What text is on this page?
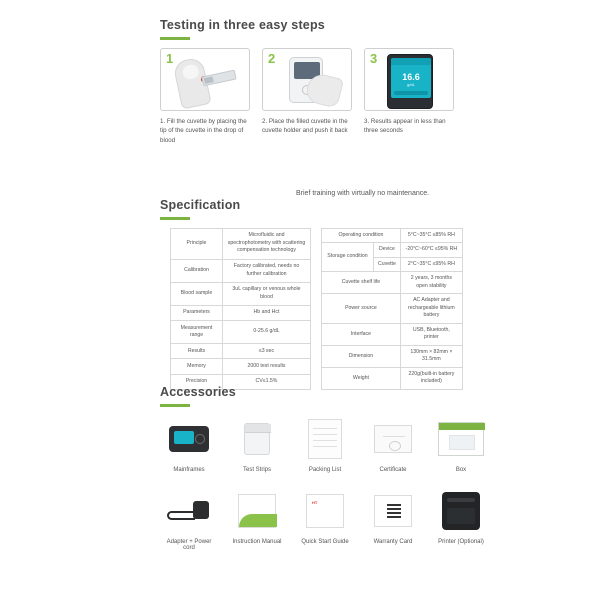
Testing in three easy steps
1
1. Fill the cuvette by placing the tip of the cuvette in the drop of blood
2
2. Place the filled cuvette in the cuvette holder and push it back
3
16.6
g/dL
3. Results appear in less than three seconds
Brief training with virtually no maintenance.
Specification
Principle	Microfluidic and spectrophotometry with scattering compensation technology
Calibration	Factory calibrated, needs no further calibration
Blood sample	3uL capillary or venous whole blood
Parameters	Hb and Hct
Measurement range	0-25.6 g/dL
Results	≤3 sec
Memory	2000 test results
Precision	CV≤1.5%
Operating condition		5°C~35°C ≤85% RH
Storage condition	Device	-20°C~60°C ≤95% RH
	Cuvette	2°C~35°C ≤95% RH
Cuvette shelf life		2 years, 3 months open stability
Power source		AC Adapter and rechargeable lithium battery
Interface		USB, Bluetooth, printer
Dimension		130mm × 82mm × 31.5mm
Weight		220g(built-in battery included)
Accessories
Mainframes	Test Strips	Packing List	Certificate	Box
Adapter + Power cord
Instruction Manual
HT
Quick Start Guide	Warranty Card	Printer (Optional)
